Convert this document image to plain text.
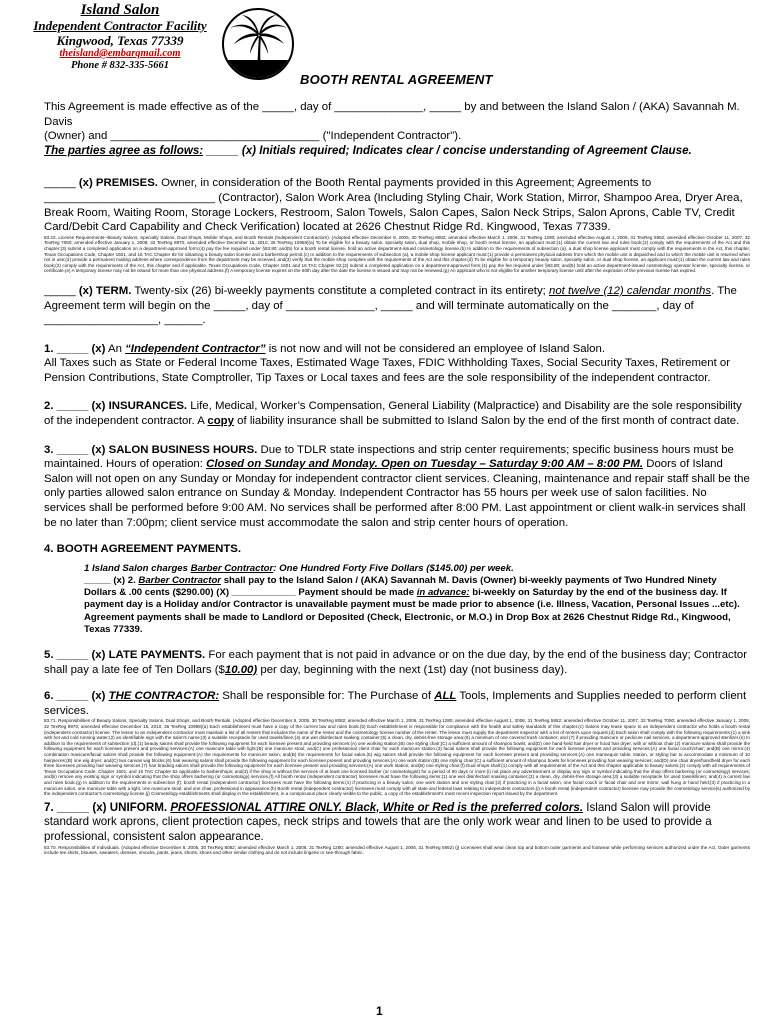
Island Salon
Independent Contractor Facility
Kingwood, Texas 77339
theisland@embarqmail.com
Phone # 832-335-5661
BOOTH RENTAL AGREEMENT

This Agreement is made effective as of the _____, day of ______________, _____ by and between the Island Salon / (AKA) Savannah M. Davis

(Owner) and _________________________________ ("Independent Contractor").

The parties agree as follows: _____ (x) Initials required; Indicates clear / concise understanding of Agreement Clause.

_____ (x) PREMISES. Owner, in consideration of the Booth Rental payments provided in this Agreement; Agreements to ___________________________ (Contractor), Salon Work Area (Including Styling Chair, Work Station, Mirror, Shampoo Area, Dryer Area, Break Room, Waiting Room, Storage Lockers, Restroom, Salon Towels, Salon Capes, Salon Neck Strips, Salon Aprons, Cable TV, Credit Card/Debit Card Capability and Check Verification) located at 2626 Chestnut Ridge Rd. Kingwood, Texas 77339.

83.22. License Requirements--Beauty Salons, Specialty Salons, Dual Shops, Mobile Shops, and Booth Rentals (Independent Contractors). (Adopted effective December 8, 2005, 30 TexReg 8082; amended effective March 1, 2006, 31 TexReg 1280; amended effective August 1, 2006, 31 TexReg 5952; amended effective October 11, 2007, 32 TexReg 7050; amended effective January 1, 2008, 32 TexReg 9970; amended effective December 15, 2010, 35 TexReg 10958)(a) To be eligible for a beauty salon, specialty salon, dual shop, mobile shop, or booth rental license, an applicant must:(1) obtain the current law and rules book;(2) comply with the requirements of the Act and this chapter;(3) submit a completed application on a department-approved form;(4) pay the fee required under §83.80; and(5) for a booth rental license, hold an active department-issued cosmetology license.(b) In addition to the requirements of subsection (a), a dual shop license applicant must comply with the requirements in the Act, this chapter, Texas Occupations Code, Chapter 1601, and 16 TAC Chapter 82 for obtaining a beauty salon license and a barbershop permit.(c) In addition to the requirements of subsection (a), a mobile shop license applicant must:(1) provide a permanent physical address from which the mobile unit is dispatched and to which the mobile unit is returned when not in use;(2) provide a permanent mailing address where correspondence from the department may be received; and(3) verify that the mobile shop complies with the requirements of the Act and this chapter.(d) To be eligible for a temporary beauty salon, specialty salon, or dual shop license, an applicant must:(1) obtain the current law and rules book;(2) comply with the requirements of the Act, this chapter and if applicable, Texas Occupations Code, Chapter 1601 and 16 TAC Chapter 82;(3) submit a completed application on a department-approved form;(4) pay the fee required under §83.80; and(5) hold an active department-issued cosmetology operator license, specialty license, or certificate.(e) A temporary license may not be issued for more than one physical address.(f) A temporary license expires on the 60th day after the date the license is issued and may not be renewed.(g) An applicant who is not eligible for another temporary license until after the expiration of the previous license has expired.

_____ (x) TERM. Twenty-six (26) bi-weekly payments constitute a completed contract in its entirety; not twelve (12) calendar months. The Agreement term will begin on the _____, day of ______________, _____ and will terminate automatically on the _______, day of __________________, ______.

1. _____ (x) An “Independent Contractor” is not now and will not be considered an employee of Island Salon.

All Taxes such as State or Federal Income Taxes, Estimated Wage Taxes, FDIC Withholding Taxes, Social Security Taxes, Retirement or Pension Contributions, State Comptroller, Tip Taxes or Local taxes and fees are the sole responsibility of the independent contractor.

2. _____ (x) INSURANCES. Life, Medical, Worker’s Compensation, General Liability (Malpractice) and Disability are the sole responsibility of the independent contractor. A copy of liability insurance shall be submitted to Island Salon by the end of the first month of contract date.

3. _____ (x) SALON BUSINESS HOURS. Due to TDLR state inspections and strip center requirements; specific business hours must be maintained. Hours of operation: Closed on Sunday and Monday. Open on Tuesday – Saturday 9:00 AM – 8:00 PM. Doors of Island Salon will not open on any Sunday or Monday for independent contractor client services. Cleaning, maintenance and repair staff shall be the only parties allowed salon entrance on Sunday & Monday. Independent Contractor has 55 hours per week use of salon facilities. No services shall be performed before 9:00 AM. No services shall be performed after 8:00 PM. Last appointment or client walk-in services shall be no later than 7:00pm; client service must accommodate the salon and strip center hours of operation.

4. BOOTH AGREEMENT PAYMENTS.

1 Island Salon charges Barber Contractor: One Hundred Forty Five Dollars ($145.00) per week.

_____ (x) 2. Barber Contractor shall pay to the Island Salon / (AKA) Savannah M. Davis (Owner) bi-weekly payments of Two Hundred Ninety Dollars & .00 cents ($290.00) (X) ____________ Payment should be made in advance: bi-weekly on Saturday by the end of the business day. If payment day is a Holiday and/or Contractor is unavailable payment must be made prior to absence (i.e. Illness, Vacation, Personal Issues ...etc).

Agreement payments shall be made to Landlord or Deposited (Check, Electronic, or M.O.) in Drop Box at 2626 Chestnut Ridge Rd., Kingwood, Texas 77339.

5. _____ (x) LATE PAYMENTS. For each payment that is not paid in advance or on the due day, by the end of the business day; Contractor shall pay a late fee of Ten Dollars ($10.00) per day, beginning with the next (1st) day (not business day).

6. _____ (x) THE CONTRACTOR: Shall be responsible for: The Purchase of ALL Tools, Implements and Supplies needed to perform client services.

83.71. Responsibilities of Beauty Salons, Specialty Salons, Dual Shops, and Booth Rentals. (Adopted effective December 8, 2005, 30 TexReg 8082; amended effective March 1, 2006, 31 TexReg 1280; amended effective August 1, 2006, 31 TexReg 5952; amended effective October 11, 2007, 32 TexReg 7050; amended effective January 1, 2008, 32 TexReg 9970; amended effective December 15, 2010, 35 TexReg 10958)(a) Each establishment must have a copy of the current law and rules book.(b) Each establishment is responsible for compliance with the health and safety standards of this chapter.(c) Salons may lease space to an independent contractor who holds a booth rental (independent contractor) license. The lessor to an independent contractor must maintain a list of all renters that includes the name of the renter and the cosmetology license number of the renter. The lessor must supply the department inspector with a list of renters upon request.(d) Each salon shall comply with the following requirements:(1) a sink with hot and cold running water;(2) an identifiable sign with the salon's name;(3) a suitable receptacle for used towels/linen;(4) one wet disinfectant soaking container;(5) a clean, dry, debris-free storage area;(6) a minimum of one covered trash container; and (7) if providing manicure or pedicure nail services, a department-approved sterilizer.(e) In addition to the requirements of subsection (d),(1) beauty salons shall provide the following equipment for each licensee present and providing services:(A) one working station;(B) one styling chair;(C) a sufficient amount of shampoo bowls; and(D) one hand-held hair dryer or hood hair dryer, with or without chair.(2) manicure salons shall provide the following equipment for each licensee present and providing services:(A) one manicure table with light;(B) one manicure stool; and(C) one professional client chair for each manicure station.(3) facial salons shall provide the following equipment for each licensee present and providing services:(A) one facial couch/chair; and(B) one mirror.(4) combination manicure/facial salons shall provide the following equipment:(A) the requirements for manicure salon; and(B) the requirements for facial salon.(5) wig salons shall provide the following equipment for each licensee present and providing services:(A) one mannequin table, station, or styling bar to accommodate a minimum of 10 hairpieces;(B) one wig dryer; and(C) two canvas wig blocks.(6) hair weaving salons shall provide the following equipment for each licensee present and providing services:(A) one work station;(B) one styling chair;(C) a sufficient amount of shampoo bowls for licensees providing hair weaving services; and(D) one chair dryer/handheld dryer for each three licensees providing hair weaving services.(7) hair braiding salons shall provide the following equipment for each licensee present and providing services:(A) one work station; and(B) one styling chair.(f) Dual shops shall:(1) comply with all requirements of the Act and this chapter applicable to beauty salons;(2) comply with all requirements of Texas Occupations Code, Chapter 1601, and 16 TAC Chapter 82 applicable to barbershops; and(3) if the shop is without the services of at least one licensed barber (or cosmetologist) for a period of 90 days or more:(i) not place any advertisement or display any sign or symbol indicating that the shop offers barbering (or cosmetology) services; and(ii) remove any existing sign or symbol indicating that the shop offers barbering (or cosmetology) services.(f) All booth rental (independent contractor) licensees must have the following items:(1) one wet disinfectant soaking container;(2) a clean, dry, debris-free storage area;(3) a suitable receptacle for used towels/linen; and(4) a current law and rules book.(g) In addition to the requirements in subsection (f), booth rental (independent contractor) licensees must have the following items:(1) if practicing in a beauty salon, one work station and one styling chair;(2) if practicing in a facial salon, one facial couch or facial chair and one mirror, wall hung or hand held;(3) if practicing in a manicure salon, one manicure table with a light, one manicure stool, and one chair, professional in appearance.(h) Booth rental (independent contractor) licensees must comply with all state and federal laws relating to independent contractors.(i) A booth rental (independent contractor) licensee may provide the cosmetology service(s) authorized by the independent contractor's cosmetology license.(j) Cosmetology establishments shall display in the establishment, in a conspicuous place clearly visible to the public, a copy of the establishment's most recent inspection report issued by the department.

7. _____ (x) UNIFORM. PROFESSIONAL ATTIRE ONLY. Black, White or Red is the preferred colors. Island Salon will provide standard work aprons, client protection capes, neck strips and towels that are the only work wear and linen to be used to provide a professional, consistent salon appearance.

83.70. Responsibilities of Individuals. (Adopted effective December 8, 2005, 30 TexReg 8082; amended effective March 1, 2006, 31 TexReg 1280; amended effective August 1, 2006, 31 TexReg 5952) (j) Licensees shall wear clean top and bottom outer garments and footwear while performing services authorized under the Act. Outer garments include tee shirts, blouses, sweaters, dresses, smocks, pants, jeans, shorts, shoes and other similar clothing and do not include lingerie or see-through fabric.

1
